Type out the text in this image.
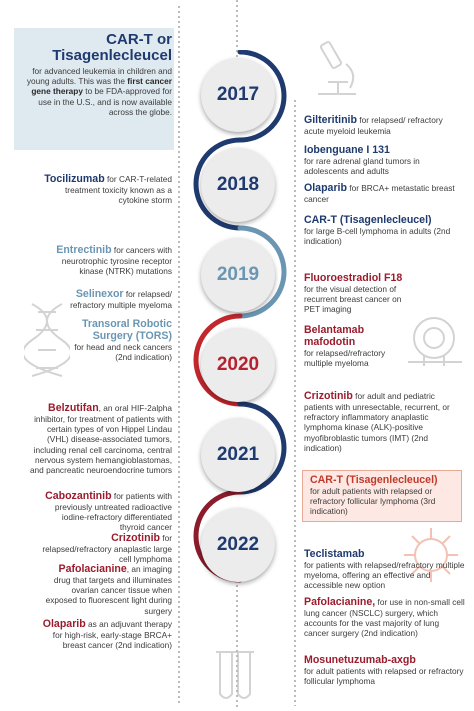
2017
2018
2019
2020
2021
2022
CAR-T or Tisagenlecleucel
for advanced leukemia in children and young adults. This was the first cancer gene therapy to be FDA-approved for use in the U.S., and is now available across the globe.
Tocilizumab for CAR-T-related treatment toxicity known as a cytokine storm
Entrectinib for cancers with neurotrophic tyrosine receptor kinase (NTRK) mutations
Selinexor for relapsed/ refractory multiple myeloma
Transoral Robotic Surgery (TORS)
for head and neck cancers (2nd indication)
Belzutifan, an oral HIF-2alpha inhibitor, for treatment of patients with certain types of von Hippel Lindau (VHL) disease-associated tumors, including renal cell carcinoma, central nervous system hemangioblastomas, and pancreatic neuroendocrine tumors
Cabozantinib for patients with previously untreated radioactive iodine-refractory differentiated thyroid cancer
Crizotinib for relapsed/refractory anaplastic large cell lymphoma
Pafolacianine, an imaging drug that targets and illuminates ovarian cancer tissue when exposed to fluorescent light during surgery
Olaparib as an adjuvant therapy for high-risk, early-stage BRCA+ breast cancer (2nd indication)
Gilteritinib for relapsed/ refractory acute myeloid leukemia
Iobenguane I 131
for rare adrenal gland tumors in adolescents and adults
Olaparib for BRCA+ metastatic breast cancer
CAR-T (Tisagenlecleucel)
for large B-cell lymphoma in adults (2nd indication)
Fluoroestradiol F18
for the visual detection of recurrent breast cancer on PET imaging
Belantamab mafodotin
for relapsed/refractory multiple myeloma
Crizotinib for adult and pediatric patients with unresectable, recurrent, or refractory inflammatory anaplastic lymphoma kinase (ALK)-positive myofibroblastic tumors (IMT) (2nd indication)
CAR-T (Tisagenlecleucel)
for adult patients with relapsed or refractory follicular lymphoma (3rd indication)
Teclistamab
for patients with relapsed/refractory multiple myeloma, offering an effective and accessible new option
Pafolacianine, for use in non-small cell lung cancer (NSCLC) surgery, which accounts for the vast majority of lung cancer surgery (2nd indication)
Mosunetuzumab-axgb
for adult patients with relapsed or refractory follicular lymphoma
